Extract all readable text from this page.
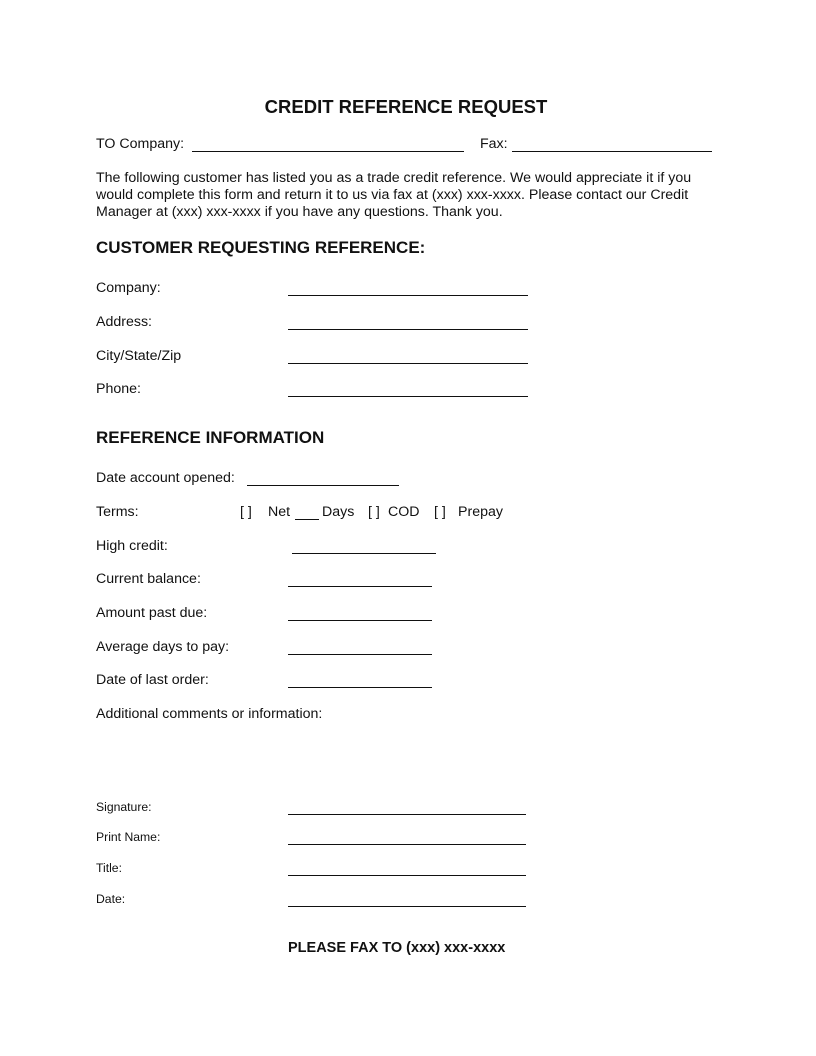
CREDIT REFERENCE REQUEST
TO Company:	Fax:
The following customer has listed you as a trade credit reference. We would appreciate it if you
would complete this form and return it to us via fax at (xxx) xxx-xxxx. Please contact our Credit
Manager at (xxx) xxx-xxxx if you have any questions. Thank you.
CUSTOMER REQUESTING REFERENCE:
Company:
Address:
City/State/Zip
Phone:
REFERENCE INFORMATION
Date account opened:
Terms:	[ ] Net Days [ ] COD [ ] Prepay
High credit:
Current balance:
Amount past due:
Average days to pay:
Date of last order:
Additional comments or information:
Signature:
Print Name:
Title:
Date:
PLEASE FAX TO (xxx) xxx-xxxx
